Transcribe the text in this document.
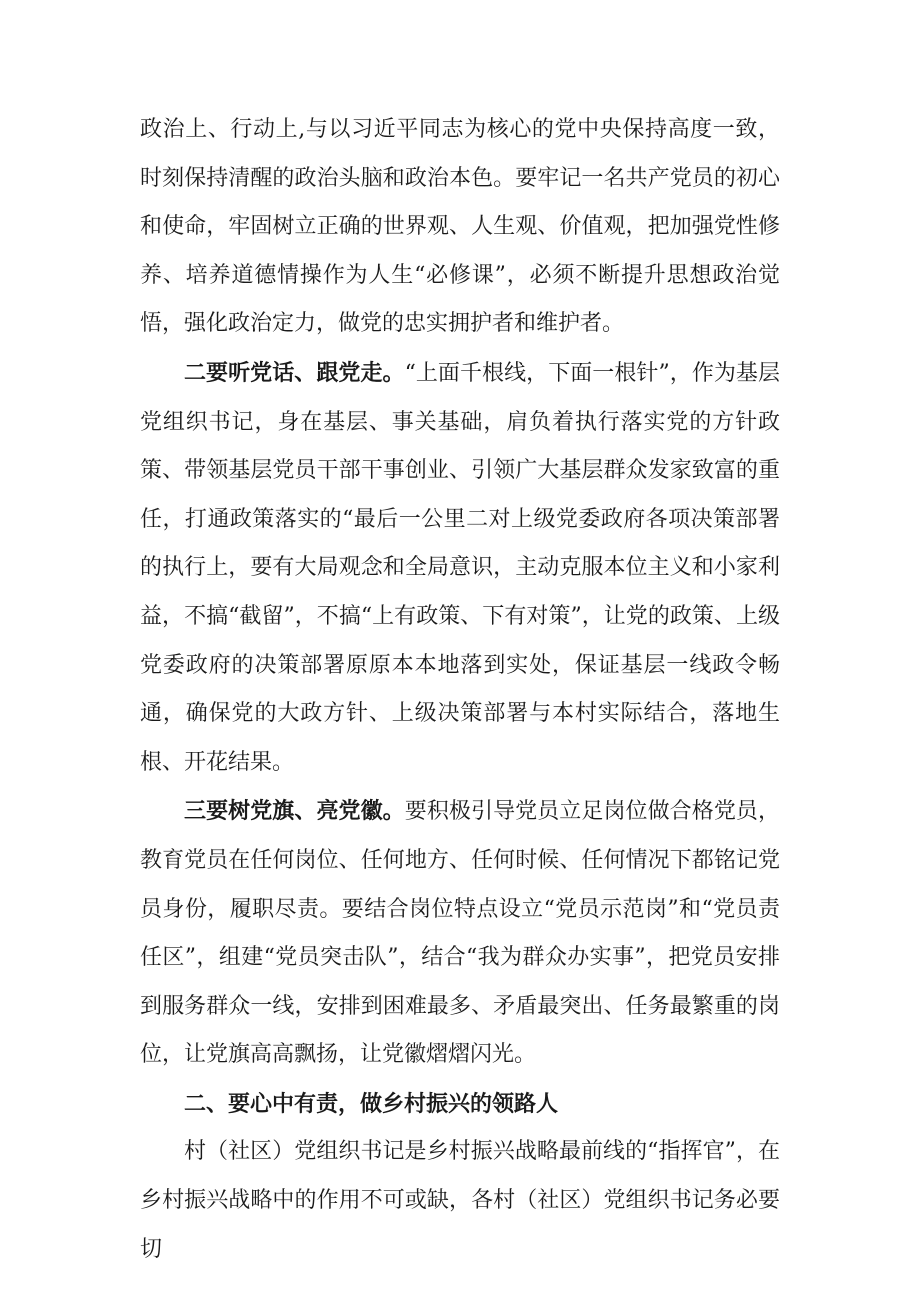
政治上、行动上,与以习近平同志为核心的党中央保持高度一致，时刻保持清醒的政治头脑和政治本色。要牢记一名共产党员的初心和使命，牢固树立正确的世界观、人生观、价值观，把加强党性修养、培养道德情操作为人生“必修课”，必须不断提升思想政治觉悟，强化政治定力，做党的忠实拥护者和维护者。

二要听党话、跟党走。“上面千根线，下面一根针”，作为基层党组织书记，身在基层、事关基础，肩负着执行落实党的方针政策、带领基层党员干部干事创业、引领广大基层群众发家致富的重任，打通政策落实的“最后一公里二对上级党委政府各项决策部署的执行上，要有大局观念和全局意识，主动克服本位主义和小家利益，不搞“截留”，不搞“上有政策、下有对策”，让党的政策、上级党委政府的决策部署原原本本地落到实处，保证基层一线政令畅通，确保党的大政方针、上级决策部署与本村实际结合，落地生根、开花结果。

三要树党旗、亮党徽。要积极引导党员立足岗位做合格党员，教育党员在任何岗位、任何地方、任何时候、任何情况下都铭记党员身份，履职尽责。要结合岗位特点设立“党员示范岗”和“党员责任区”，组建“党员突击队”，结合“我为群众办实事”，把党员安排到服务群众一线，安排到困难最多、矛盾最突出、任务最繁重的岗位，让党旗高高飘扬，让党徽熠熠闪光。

二、要心中有责，做乡村振兴的领路人

村（社区）党组织书记是乡村振兴战略最前线的“指挥官”，在乡村振兴战略中的作用不可或缺，各村（社区）党组织书记务必要切
